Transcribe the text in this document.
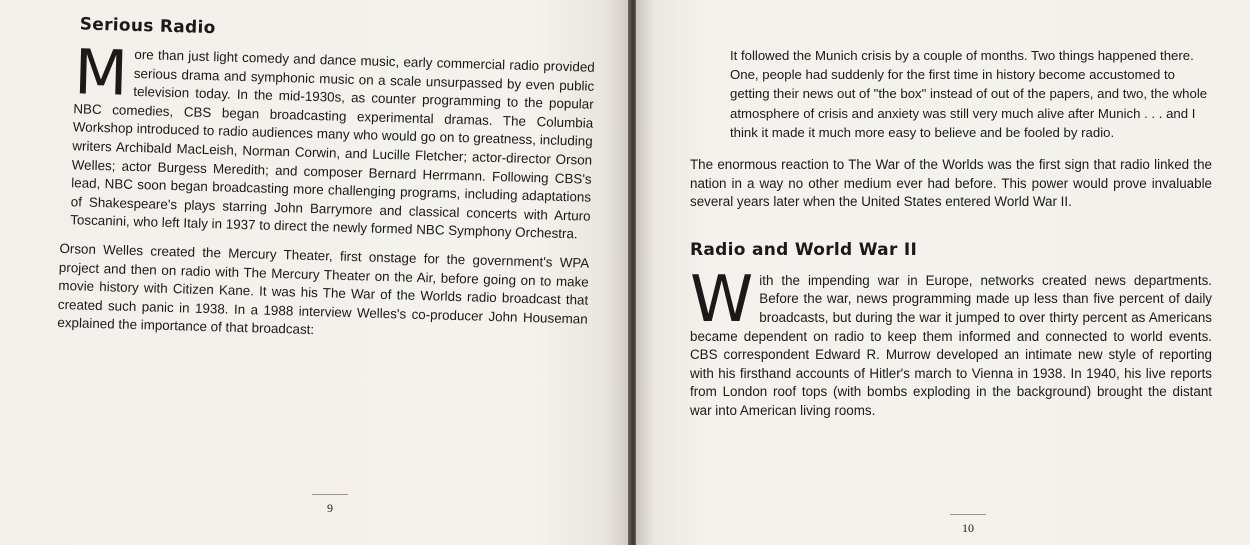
Serious Radio

More than just light comedy and dance music, early commercial radio provided serious drama and symphonic music on a scale unsurpassed by even public television today. In the mid-1930s, as counter programming to the popular NBC comedies, CBS began broadcasting experimental dramas. The Columbia Workshop introduced to radio audiences many who would go on to greatness, including writers Archibald MacLeish, Norman Corwin, and Lucille Fletcher; actor-director Orson Welles; actor Burgess Meredith; and composer Bernard Herrmann. Following CBS's lead, NBC soon began broadcasting more challenging programs, including adaptations of Shakespeare's plays starring John Barrymore and classical concerts with Arturo Toscanini, who left Italy in 1937 to direct the newly formed NBC Symphony Orchestra.

Orson Welles created the Mercury Theater, first onstage for the government's WPA project and then on radio with The Mercury Theater on the Air, before going on to make movie history with Citizen Kane. It was his The War of the Worlds radio broadcast that created such panic in 1938. In a 1988 interview Welles's co-producer John Houseman explained the importance of that broadcast:

9

It followed the Munich crisis by a couple of months. Two things happened there. One, people had suddenly for the first time in history become accustomed to getting their news out of "the box" instead of out of the papers, and two, the whole atmosphere of crisis and anxiety was still very much alive after Munich . . . and I think it made it much more easy to believe and be fooled by radio.

The enormous reaction to The War of the Worlds was the first sign that radio linked the nation in a way no other medium ever had before. This power would prove invaluable several years later when the United States entered World War II.

Radio and World War II

With the impending war in Europe, networks created news departments. Before the war, news programming made up less than five percent of daily broadcasts, but during the war it jumped to over thirty percent as Americans became dependent on radio to keep them informed and connected to world events. CBS correspondent Edward R. Murrow developed an intimate new style of reporting with his firsthand accounts of Hitler's march to Vienna in 1938. In 1940, his live reports from London roof tops (with bombs exploding in the background) brought the distant war into American living rooms.

10
